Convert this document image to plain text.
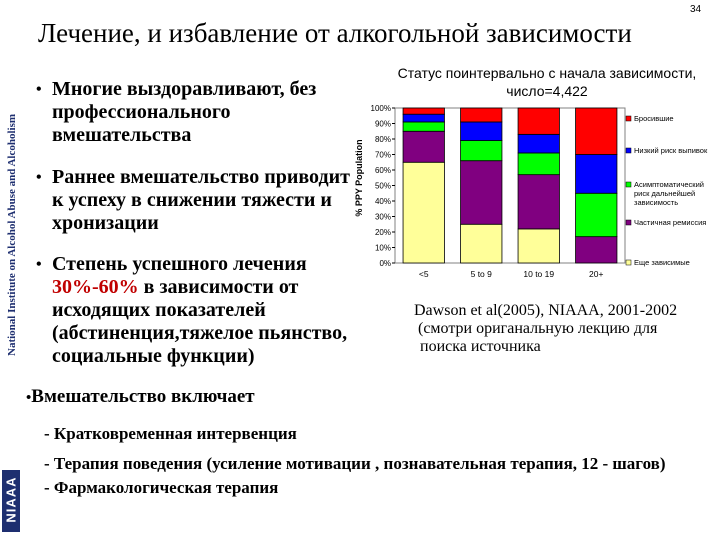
34
Лечение, и избавление от алкогольной зависимости
National Institute on Alcohol Abuse and Alcoholism
NIAAA
• Многие выздоравливают, без профессионального вмешательства
• Раннее вмешательство приводит к успеху в снижении тяжести и хронизации
• Степень успешного лечения 30%-60% в зависимости от исходящих показателей (абстиненция,тяжелое пьянство, социальные функции)
Статус поинтервально с начала зависимости, число=4,422
% PPY Population
0%
10%
20%
30%
40%
50%
60%
70%
80%
90%
100%
<5	5 to 9	10 to 19	20+
Бросившие
Низкий риск выпивок
Асимптоматический
риск дальнейшей
зависимость
Частичная ремиссия
Еще зависимые
Dawson et al(2005), NIAAA, 2001-2002
(смотри ориганальную лекцию для
поиска источника
•Вмешательство включает
- Кратковременная интервенция
- Терапия поведения (усиление мотивации , познавательная терапия, 12 - шагов)
- Фармакологическая терапия
